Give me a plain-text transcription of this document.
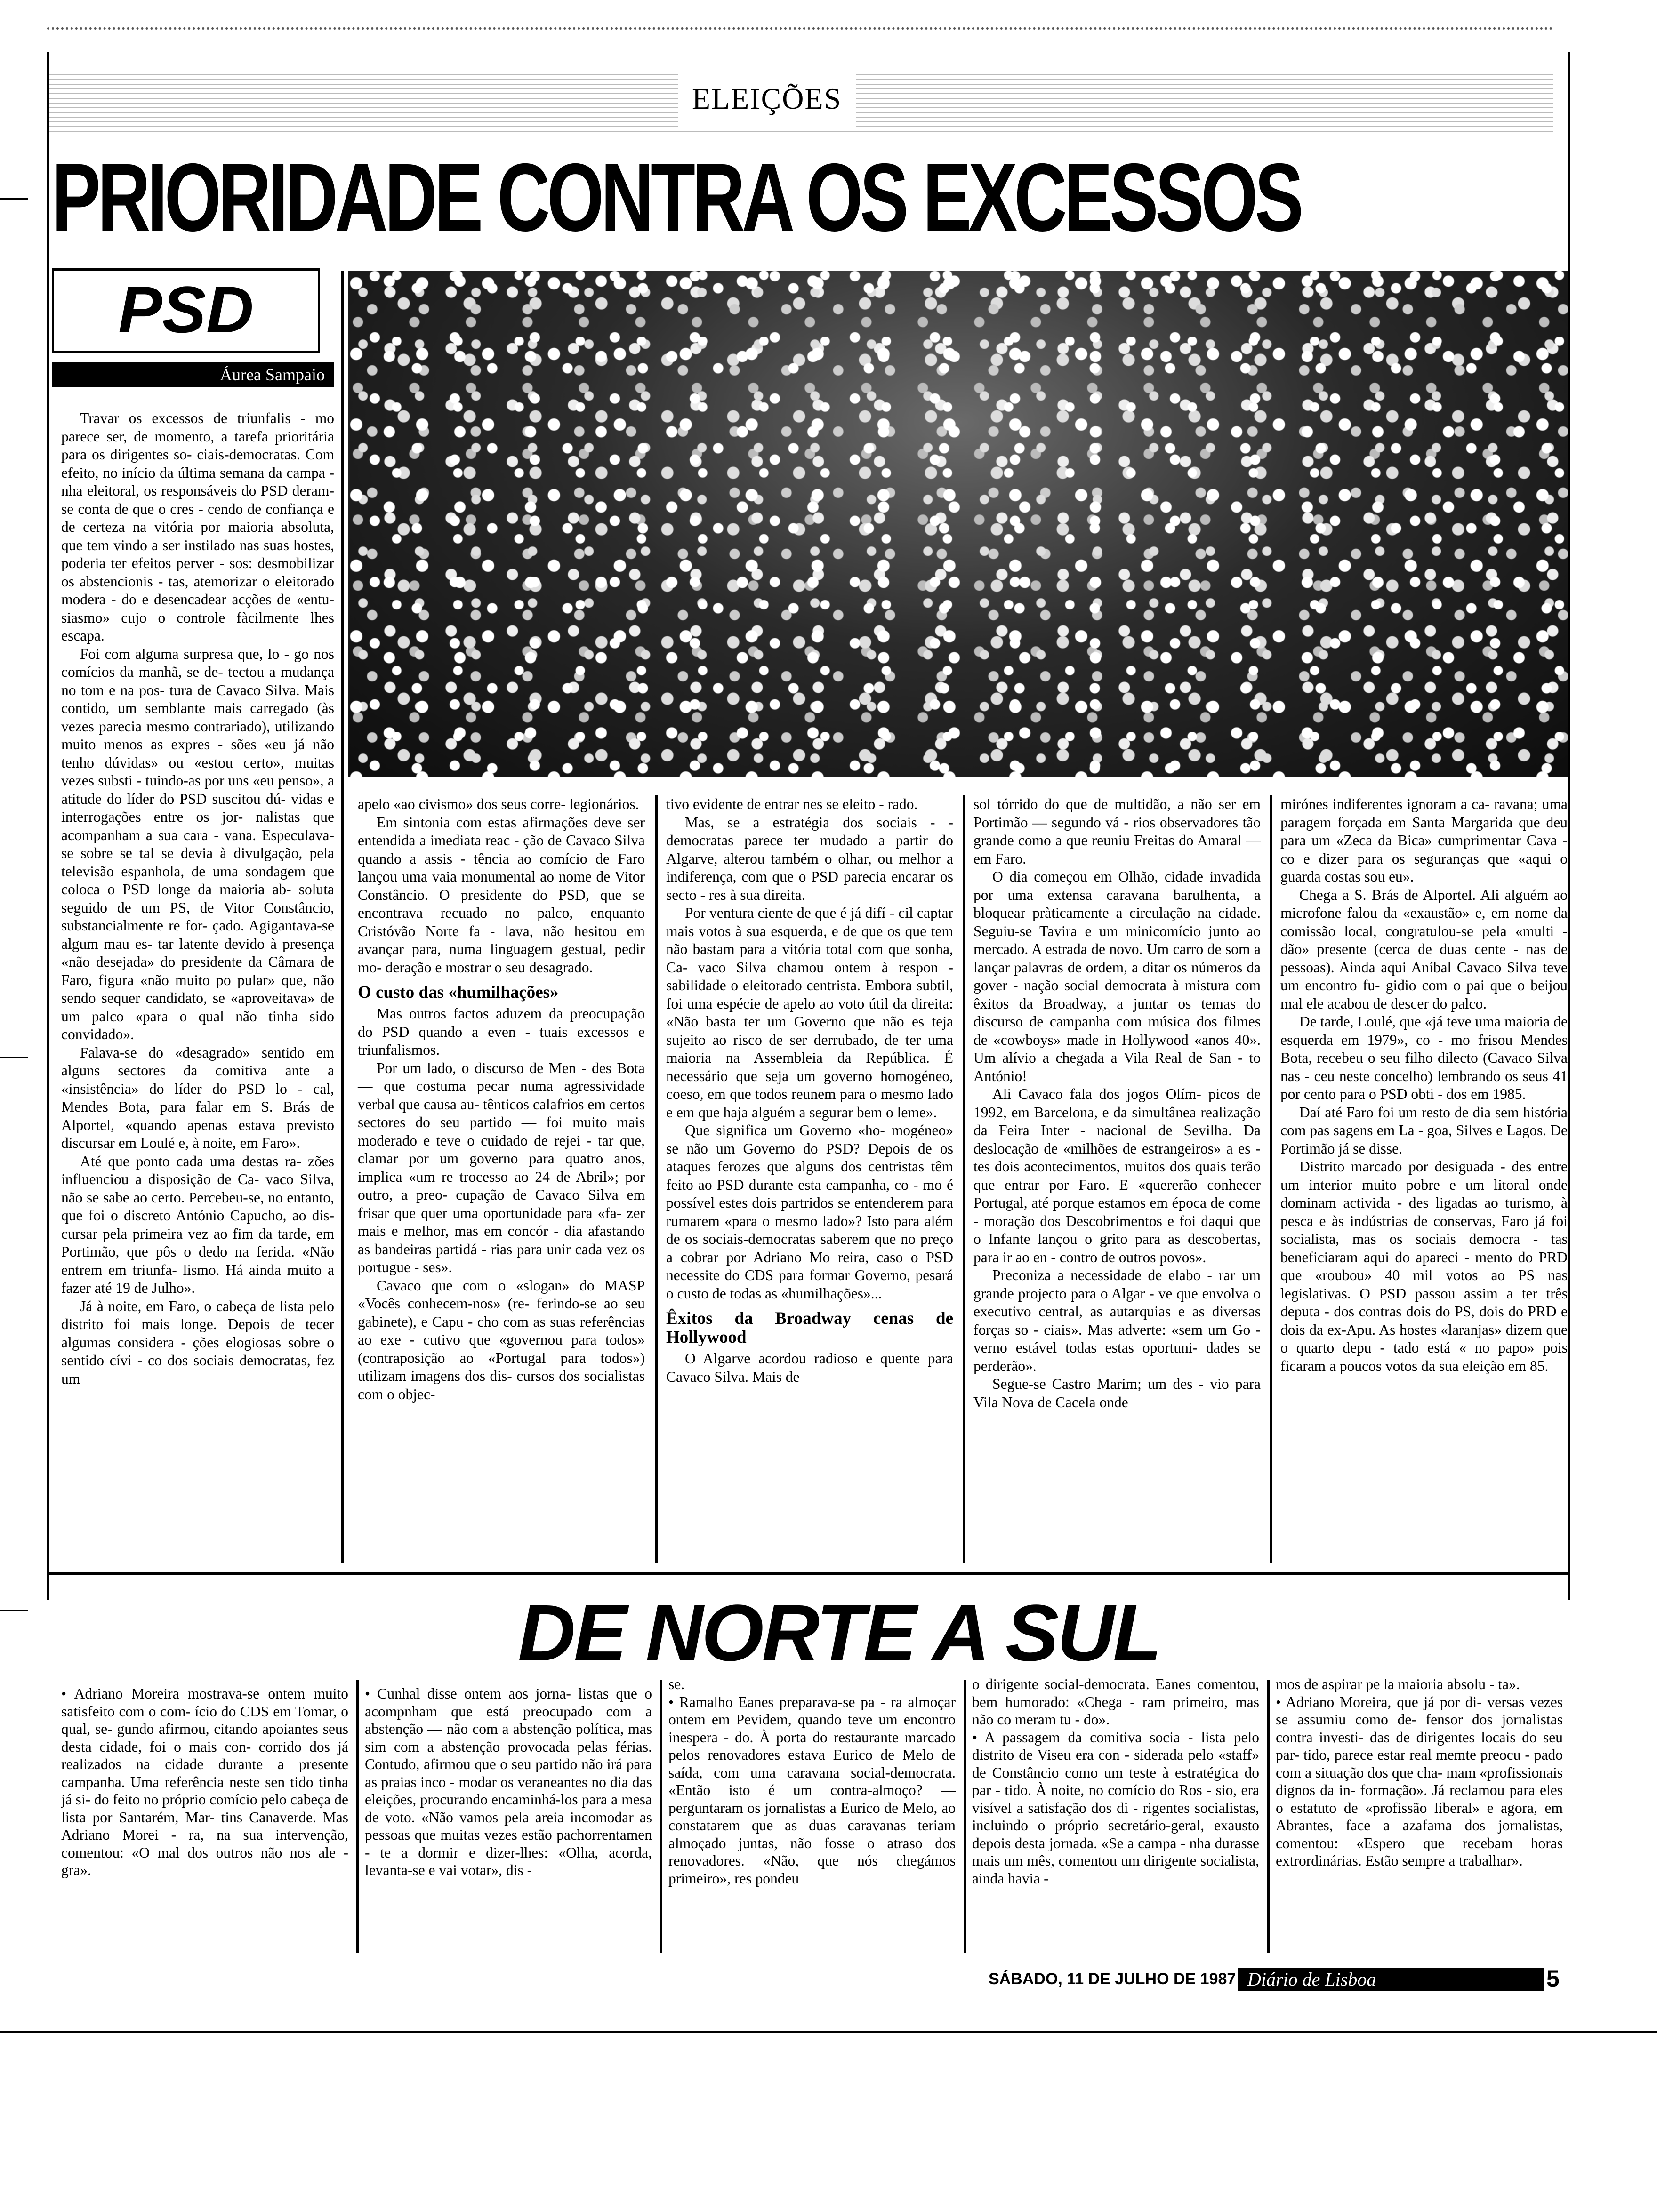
ELEIÇÕES
PRIORIDADE CONTRA OS EXCESSOS
PSD
Áurea Sampaio

Travar os excessos de triunfalis - mo parece ser, de momento, a tarefa prioritária para os dirigentes so- ciais-democratas. Com efeito, no início da última semana da campa - nha eleitoral, os responsáveis do PSD deram-se conta de que o cres - cendo de confiança e de certeza na vitória por maioria absoluta, que tem vindo a ser instilado nas suas hostes, poderia ter efeitos perver - sos: desmobilizar os abstencionis - tas, atemorizar o eleitorado modera - do e desencadear acções de «entu- siasmo» cujo o controle fàcilmente lhes escapa.

Foi com alguma surpresa que, lo - go nos comícios da manhã, se de- tectou a mudança no tom e na pos- tura de Cavaco Silva. Mais contido, um semblante mais carregado (às vezes parecia mesmo contrariado), utilizando muito menos as expres - sões «eu já não tenho dúvidas» ou «estou certo», muitas vezes substi - tuindo-as por uns «eu penso», a atitude do líder do PSD suscitou dú- vidas e interrogações entre os jor- nalistas que acompanham a sua cara - vana. Especulava-se sobre se tal se devia à divulgação, pela televisão espanhola, de uma sondagem que coloca o PSD longe da maioria ab- soluta seguido de um PS, de Vitor Constâncio, substancialmente re for- çado. Agigantava-se algum mau es- tar latente devido à presença «não desejada» do presidente da Câmara de Faro, figura «não muito po pular» que, não sendo sequer candidato, se «aproveitava» de um palco «para o qual não tinha sido convidado».

Falava-se do «desagrado» sentido em alguns sectores da comitiva ante a «insistência» do líder do PSD lo - cal, Mendes Bota, para falar em S. Brás de Alportel, «quando apenas estava previsto discursar em Loulé e, à noite, em Faro».

Até que ponto cada uma destas ra- zões influenciou a disposição de Ca- vaco Silva, não se sabe ao certo. Percebeu-se, no entanto, que foi o discreto António Capucho, ao dis- cursar pela primeira vez ao fim da tarde, em Portimão, que pôs o dedo na ferida. «Não entrem em triunfa- lismo. Há ainda muito a fazer até 19 de Julho».

Já à noite, em Faro, o cabeça de lista pelo distrito foi mais longe. Depois de tecer algumas considera - ções elogiosas sobre o sentido cívi - co dos sociais democratas, fez um

apelo «ao civismo» dos seus corre- legionários.

Em sintonia com estas afirmações deve ser entendida a imediata reac - ção de Cavaco Silva quando a assis - tência ao comício de Faro lançou uma vaia monumental ao nome de Vitor Constâncio. O presidente do PSD, que se encontrava recuado no palco, enquanto Cristóvão Norte fa - lava, não hesitou em avançar para, numa linguagem gestual, pedir mo- deração e mostrar o seu desagrado.

O custo das «humilhações»

Mas outros factos aduzem da preocupação do PSD quando a even - tuais excessos e triunfalismos.

Por um lado, o discurso de Men - des Bota — que costuma pecar numa agressividade verbal que causa au- tênticos calafrios em certos sectores do seu partido — foi muito mais moderado e teve o cuidado de rejei - tar que, clamar por um governo para quatro anos, implica «um re trocesso ao 24 de Abril»; por outro, a preo- cupação de Cavaco Silva em frisar que quer uma oportunidade para «fa- zer mais e melhor, mas em concór - dia afastando as bandeiras partidá - rias para unir cada vez os portugue - ses».

Cavaco que com o «slogan» do MASP «Vocês conhecem-nos» (re- ferindo-se ao seu gabinete), e Capu - cho com as suas referências ao exe - cutivo que «governou para todos» (contraposição ao «Portugal para todos») utilizam imagens dos dis- cursos dos socialistas com o objec-

tivo evidente de entrar nes se eleito - rado.

Mas, se a estratégia dos sociais - -democratas parece ter mudado a partir do Algarve, alterou também o olhar, ou melhor a indiferença, com que o PSD parecia encarar os secto - res à sua direita.

Por ventura ciente de que é já difí - cil captar mais votos à sua esquerda, e de que os que tem não bastam para a vitória total com que sonha, Ca- vaco Silva chamou ontem à respon - sabilidade o eleitorado centrista. Embora subtil, foi uma espécie de apelo ao voto útil da direita: «Não basta ter um Governo que não es teja sujeito ao risco de ser derrubado, de ter uma maioria na Assembleia da República. É necessário que seja um governo homogéneo, coeso, em que todos reunem para o mesmo lado e em que haja alguém a segurar bem o leme».

Que significa um Governo «ho- mogéneo» se não um Governo do PSD? Depois de os ataques ferozes que alguns dos centristas têm feito ao PSD durante esta campanha, co - mo é possível estes dois partridos se entenderem para rumarem «para o mesmo lado»? Isto para além de os sociais-democratas saberem que no preço a cobrar por Adriano Mo reira, caso o PSD necessite do CDS para formar Governo, pesará o custo de todas as «humilhações»...

Êxitos da Broadway cenas de Hollywood

O Algarve acordou radioso e quente para Cavaco Silva. Mais de

sol tórrido do que de multidão, a não ser em Portimão — segundo vá - rios observadores tão grande como a que reuniu Freitas do Amaral — em Faro.

O dia começou em Olhão, cidade invadida por uma extensa caravana barulhenta, a bloquear pràticamente a circulação na cidade. Seguiu-se Tavira e um minicomício junto ao mercado. A estrada de novo. Um carro de som a lançar palavras de ordem, a ditar os números da gover - nação social democrata à mistura com êxitos da Broadway, a juntar os temas do discurso de campanha com música dos filmes de «cowboys» made in Hollywood «anos 40». Um alívio a chegada a Vila Real de San - to António!

Ali Cavaco fala dos jogos Olím- picos de 1992, em Barcelona, e da simultânea realização da Feira Inter - nacional de Sevilha. Da deslocação de «milhões de estrangeiros» a es - tes dois acontecimentos, muitos dos quais terão que entrar por Faro. E «quererão conhecer Portugal, até porque estamos em época de come - moração dos Descobrimentos e foi daqui que o Infante lançou o grito para as descobertas, para ir ao en - contro de outros povos».

Preconiza a necessidade de elabo - rar um grande projecto para o Algar - ve que envolva o executivo central, as autarquias e as diversas forças so - ciais». Mas adverte: «sem um Go - verno estável todas estas oportuni- dades se perderão».

Segue-se Castro Marim; um des - vio para Vila Nova de Cacela onde

mirónes indiferentes ignoram a ca- ravana; uma paragem forçada em Santa Margarida que deu para um «Zeca da Bica» cumprimentar Cava - co e dizer para os seguranças que «aqui o guarda costas sou eu».

Chega a S. Brás de Alportel. Ali alguém ao microfone falou da «exaustão» e, em nome da comissão local, congratulou-se pela «multi - dão» presente (cerca de duas cente - nas de pessoas). Ainda aqui Aníbal Cavaco Silva teve um encontro fu- gidio com o pai que o beijou mal ele acabou de descer do palco.

De tarde, Loulé, que «já teve uma maioria de esquerda em 1979», co - mo frisou Mendes Bota, recebeu o seu filho dilecto (Cavaco Silva nas - ceu neste concelho) lembrando os seus 41 por cento para o PSD obti - dos em 1985.

Daí até Faro foi um resto de dia sem história com pas sagens em La - goa, Silves e Lagos. De Portimão já se disse.

Distrito marcado por desiguada - des entre um interior muito pobre e um litoral onde dominam activida - des ligadas ao turismo, à pesca e às indústrias de conservas, Faro já foi socialista, mas os sociais democra - tas beneficiaram aqui do apareci - mento do PRD que «roubou» 40 mil votos ao PS nas legislativas. O PSD passou assim a ter três deputa - dos contras dois do PS, dois do PRD e dois da ex-Apu. As hostes «laranjas» dizem que o quarto depu - tado está « no papo» pois ficaram a poucos votos da sua eleição em 85.

DE NORTE A SUL

• Adriano Moreira mostrava-se ontem muito satisfeito com o com- ício do CDS em Tomar, o qual, se- gundo afirmou, citando apoiantes seus desta cidade, foi o mais con- corrido dos já realizados na cidade durante a presente campanha. Uma referência neste sen tido tinha já si- do feito no próprio comício pelo cabeça de lista por Santarém, Mar- tins Canaverde. Mas Adriano Morei - ra, na sua intervenção, comentou: «O mal dos outros não nos ale - gra».

• Cunhal disse ontem aos jorna- listas que o acompnham que está preocupado com a abstenção — não com a abstenção política, mas sim com a abstenção provocada pelas férias. Contudo, afirmou que o seu partido não irá para as praias inco - modar os veraneantes no dia das eleições, procurando encaminhá-los para a mesa de voto. «Não vamos pela areia incomodar as pessoas que muitas vezes estão pachorrentamen - te a dormir e dizer-lhes: «Olha, acorda, levanta-se e vai votar», dis -

se.

• Ramalho Eanes preparava-se pa - ra almoçar ontem em Pevidem, quando teve um encontro inespera - do. À porta do restaurante marcado pelos renovadores estava Eurico de Melo de saída, com uma caravana social-democrata. «Então isto é um contra-almoço? — perguntaram os jornalistas a Eurico de Melo, ao constatarem que as duas caravanas teriam almoçado juntas, não fosse o atraso dos renovadores. «Não, que nós chegámos primeiro», res pondeu

o dirigente social-democrata. Eanes comentou, bem humorado: «Chega - ram primeiro, mas não co meram tu - do».

• A passagem da comitiva socia - lista pelo distrito de Viseu era con - siderada pelo «staff» de Constâncio como um teste à estratégica do par - tido. À noite, no comício do Ros - sio, era visível a satisfação dos di - rigentes socialistas, incluindo o próprio secretário-geral, exausto depois desta jornada. «Se a campa - nha durasse mais um mês, comentou um dirigente socialista, ainda havia -

mos de aspirar pe la maioria absolu - ta».

• Adriano Moreira, que já por di- versas vezes se assumiu como de- fensor dos jornalistas contra investi- das de dirigentes locais do seu par- tido, parece estar real memte preocu - pado com a situação dos que cha- mam «profissionais dignos da in- formação». Já reclamou para eles o estatuto de «profissão liberal» e agora, em Abrantes, face a azafama dos jornalistas, comentou: «Espero que recebam horas extrordinárias. Estão sempre a trabalhar».

SÁBADO, 11 DE JULHO DE 1987 Diário de Lisboa	5
